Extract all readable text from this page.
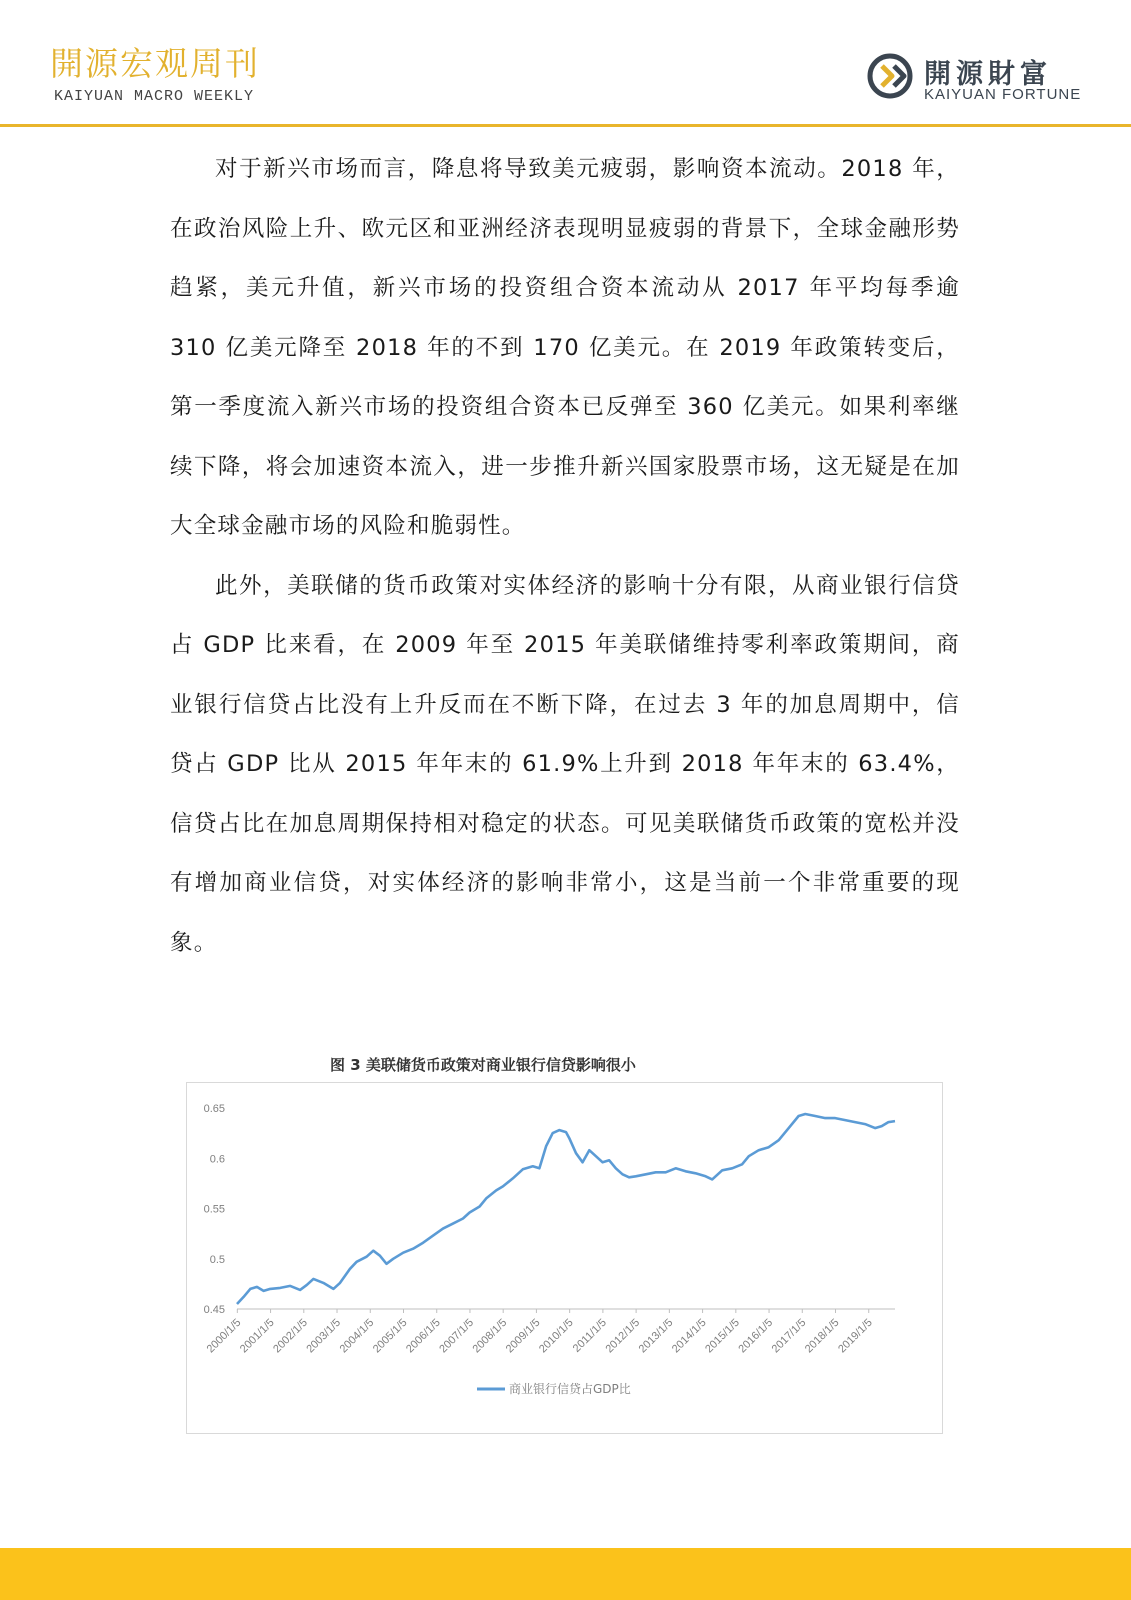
開源宏观周刊
KAIYUAN MACRO WEEKLY
開源財富
KAIYUAN FORTUNE

对于新兴市场而言，降息将导致美元疲弱，影响资本流动。2018 年，在政治风险上升、欧元区和亚洲经济表现明显疲弱的背景下，全球金融形势趋紧，美元升值，新兴市场的投资组合资本流动从 2017 年平均每季逾 310 亿美元降至 2018 年的不到 170 亿美元。在 2019 年政策转变后，第一季度流入新兴市场的投资组合资本已反弹至 360 亿美元。如果利率继续下降，将会加速资本流入，进一步推升新兴国家股票市场，这无疑是在加大全球金融市场的风险和脆弱性。

此外，美联储的货币政策对实体经济的影响十分有限，从商业银行信贷占 GDP 比来看，在 2009 年至 2015 年美联储维持零利率政策期间，商业银行信贷占比没有上升反而在不断下降，在过去 3 年的加息周期中，信贷占 GDP 比从 2015 年年末的 61.9%上升到 2018 年年末的 63.4%，信贷占比在加息周期保持相对稳定的状态。可见美联储货币政策的宽松并没有增加商业信贷，对实体经济的影响非常小，这是当前一个非常重要的现象。

图 3 美联储货币政策对商业银行信贷影响很小
0.45
0.5
0.55
0.6
0.65
2000/1/5
2001/1/5
2002/1/5
2003/1/5
2004/1/5
2005/1/5
2006/1/5
2007/1/5
2008/1/5
2009/1/5
2010/1/5
2011/1/5
2012/1/5
2013/1/5
2014/1/5
2015/1/5
2016/1/5
2017/1/5
2018/1/5
2019/1/5
商业银行信贷占GDP比
